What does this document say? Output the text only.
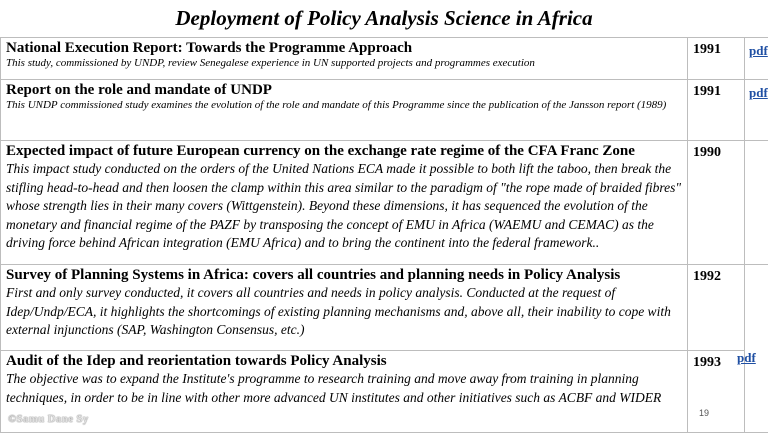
Deployment of Policy Analysis Science in Africa
National Execution Report: Towards the Programme Approach
This study, commissioned by UNDP, review Senegalese experience in UN supported projects and programmes execution	1991	pdf

Report on the role and mandate of UNDP
This UNDP commissioned study examines the evolution of the role and mandate of this Programme since the publication of the Jansson report (1989)	1991	pdf

Expected impact of future European currency on the exchange rate regime of the CFA Franc Zone
This impact study conducted on the orders of the United Nations ECA made it possible to both lift the taboo, then break the stifling head-to-head and then loosen the clamp within this area similar to the paradigm of "the rope made of braided fibres" whose strength lies in their many covers (Wittgenstein). Beyond these dimensions, it has sequenced the evolution of the monetary and financial regime of the PAZF by transposing the concept of EMU in Africa (WAEMU and CEMAC) as the driving force behind African integration (EMU Africa) and to bring the continent into the federal framework..	1990	

Survey of Planning Systems in Africa: covers all countries and planning needs in Policy Analysis
First and only survey conducted, it covers all countries and needs in policy analysis. Conducted at the request of Idep/Undp/ECA, it highlights the shortcomings of existing planning mechanisms and, above all, their inability to cope with external injunctions (SAP, Washington Consensus, etc.)	1992	

Audit of the Idep and reorientation towards Policy Analysis
The objective was to expand the Institute's programme to research training and move away from training in planning techniques, in order to be in line with other more advanced UN institutes and other initiatives such as ACBF and WIDER	1993		pdf
19
©Samu Dane Sy
